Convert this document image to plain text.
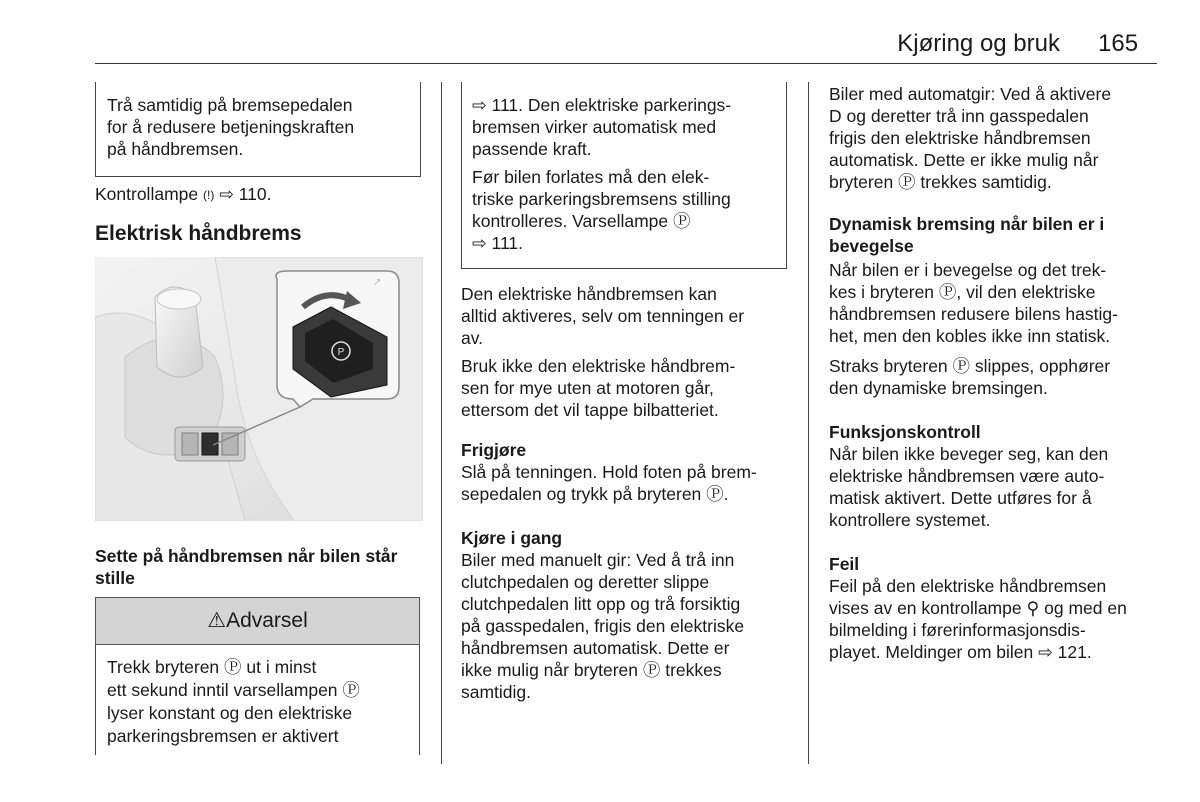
Kjøring og bruk 165
Trå samtidig på bremsepedalen
for å redusere betjeningskraften
på håndbremsen.
Kontrollampe (!) ⇨ 110.
Elektrisk håndbrems
P
↗
Sette på håndbremsen når bilen står
stille
⚠Advarsel
Trekk bryteren Ⓟ ut i minst
ett sekund inntil varsellampen Ⓟ
lyser konstant og den elektriske
parkeringsbremsen er aktivert
⇨ 111. Den elektriske parkerings-
bremsen virker automatisk med
passende kraft.
Før bilen forlates må den elek-
triske parkeringsbremsens stilling
kontrolleres. Varsellampe Ⓟ
⇨ 111.
Den elektriske håndbremsen kan
alltid aktiveres, selv om tenningen er
av.
Bruk ikke den elektriske håndbrem-
sen for mye uten at motoren går,
ettersom det vil tappe bilbatteriet.
Frigjøre
Slå på tenningen. Hold foten på brem-
sepedalen og trykk på bryteren Ⓟ.
Kjøre i gang
Biler med manuelt gir: Ved å trå inn
clutchpedalen og deretter slippe
clutchpedalen litt opp og trå forsiktig
på gasspedalen, frigis den elektriske
håndbremsen automatisk. Dette er
ikke mulig når bryteren Ⓟ trekkes
samtidig.
Biler med automatgir: Ved å aktivere
D og deretter trå inn gasspedalen
frigis den elektriske håndbremsen
automatisk. Dette er ikke mulig når
bryteren Ⓟ trekkes samtidig.
Dynamisk bremsing når bilen er i
bevegelse
Når bilen er i bevegelse og det trek-
kes i bryteren Ⓟ, vil den elektriske
håndbremsen redusere bilens hastig-
het, men den kobles ikke inn statisk.
Straks bryteren Ⓟ slippes, opphører
den dynamiske bremsingen.
Funksjonskontroll
Når bilen ikke beveger seg, kan den
elektriske håndbremsen være auto-
matisk aktivert. Dette utføres for å
kontrollere systemet.
Feil
Feil på den elektriske håndbremsen
vises av en kontrollampe ⚲ og med en
bilmelding i førerinformasjonsdis-
playet. Meldinger om bilen ⇨ 121.
